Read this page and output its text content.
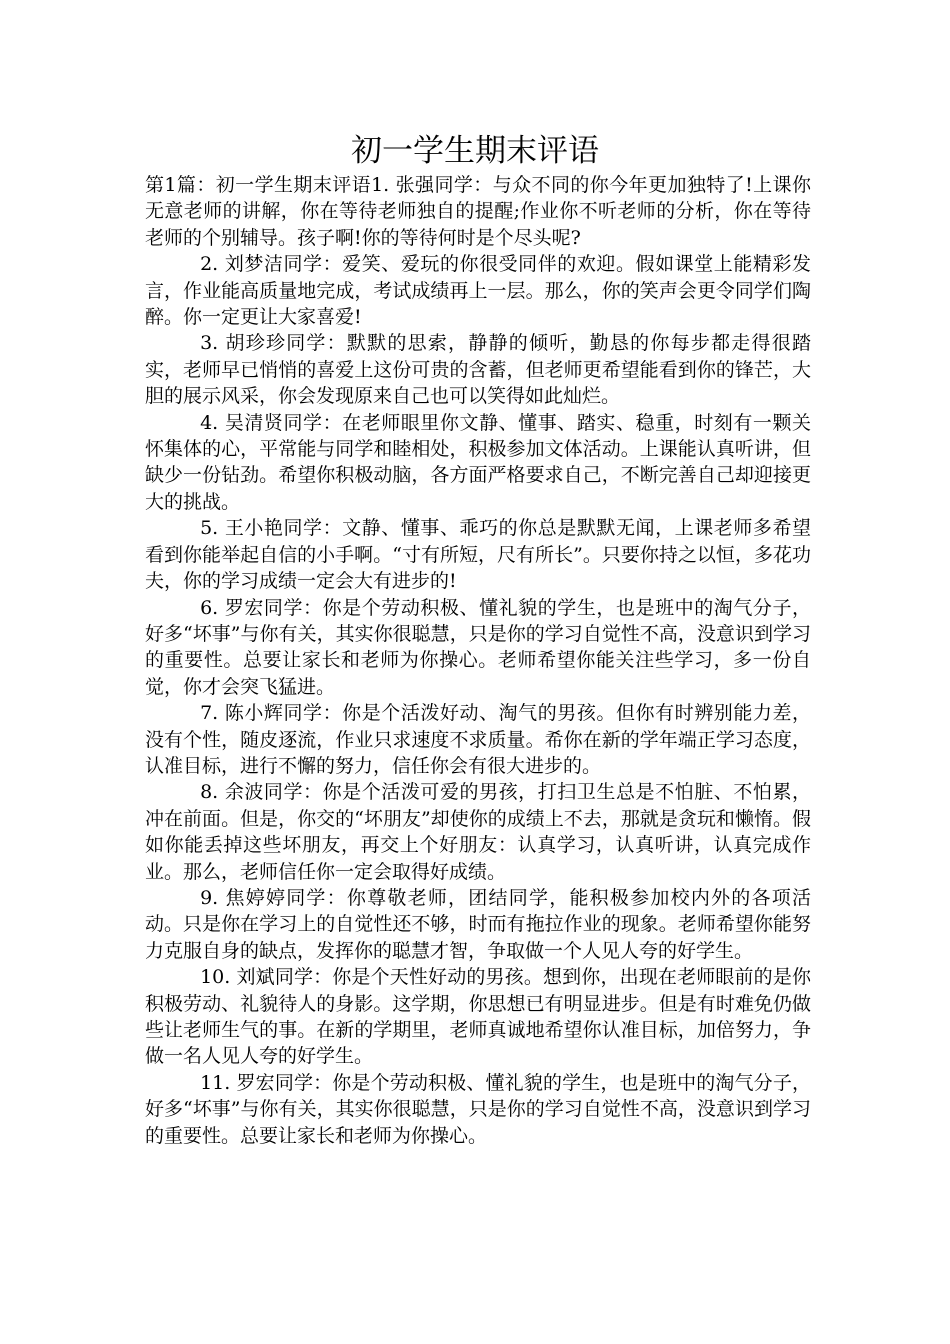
初一学生期末评语

第1篇：初一学生期末评语1. 张强同学：与众不同的你今年更加独特了!上课你无意老师的讲解，你在等待老师独自的提醒;作业你不听老师的分析，你在等待老师的个别辅导。孩子啊!你的等待何时是个尽头呢?

2. 刘梦洁同学：爱笑、爱玩的你很受同伴的欢迎。假如课堂上能精彩发言，作业能高质量地完成，考试成绩再上一层。那么，你的笑声会更令同学们陶醉。你一定更让大家喜爱!

3. 胡珍珍同学：默默的思索，静静的倾听，勤恳的你每步都走得很踏实，老师早已悄悄的喜爱上这份可贵的含蓄，但老师更希望能看到你的锋芒，大胆的展示风采，你会发现原来自己也可以笑得如此灿烂。

4. 吴清贤同学：在老师眼里你文静、懂事、踏实、稳重，时刻有一颗关怀集体的心，平常能与同学和睦相处，积极参加文体活动。上课能认真听讲，但缺少一份钻劲。希望你积极动脑，各方面严格要求自己，不断完善自己却迎接更大的挑战。

5. 王小艳同学：文静、懂事、乖巧的你总是默默无闻，上课老师多希望看到你能举起自信的小手啊。“寸有所短，尺有所长”。只要你持之以恒，多花功夫，你的学习成绩一定会大有进步的!

6. 罗宏同学：你是个劳动积极、懂礼貌的学生，也是班中的淘气分子，好多“坏事”与你有关，其实你很聪慧，只是你的学习自觉性不高，没意识到学习的重要性。总要让家长和老师为你操心。老师希望你能关注些学习，多一份自觉，你才会突飞猛进。

7. 陈小辉同学：你是个活泼好动、淘气的男孩。但你有时辨别能力差，没有个性，随皮逐流，作业只求速度不求质量。希你在新的学年端正学习态度，认准目标，进行不懈的努力，信任你会有很大进步的。

8. 余波同学：你是个活泼可爱的男孩，打扫卫生总是不怕脏、不怕累，冲在前面。但是，你交的“坏朋友”却使你的成绩上不去，那就是贪玩和懒惰。假如你能丢掉这些坏朋友，再交上个好朋友：认真学习，认真听讲，认真完成作业。那么，老师信任你一定会取得好成绩。

9. 焦婷婷同学：你尊敬老师，团结同学，能积极参加校内外的各项活动。只是你在学习上的自觉性还不够，时而有拖拉作业的现象。老师希望你能努力克服自身的缺点，发挥你的聪慧才智，争取做一个人见人夸的好学生。

10. 刘斌同学：你是个天性好动的男孩。想到你，出现在老师眼前的是你积极劳动、礼貌待人的身影。这学期，你思想已有明显进步。但是有时难免仍做些让老师生气的事。在新的学期里，老师真诚地希望你认准目标，加倍努力，争做一名人见人夸的好学生。

11. 罗宏同学：你是个劳动积极、懂礼貌的学生，也是班中的淘气分子，好多“坏事”与你有关，其实你很聪慧，只是你的学习自觉性不高，没意识到学习的重要性。总要让家长和老师为你操心。
